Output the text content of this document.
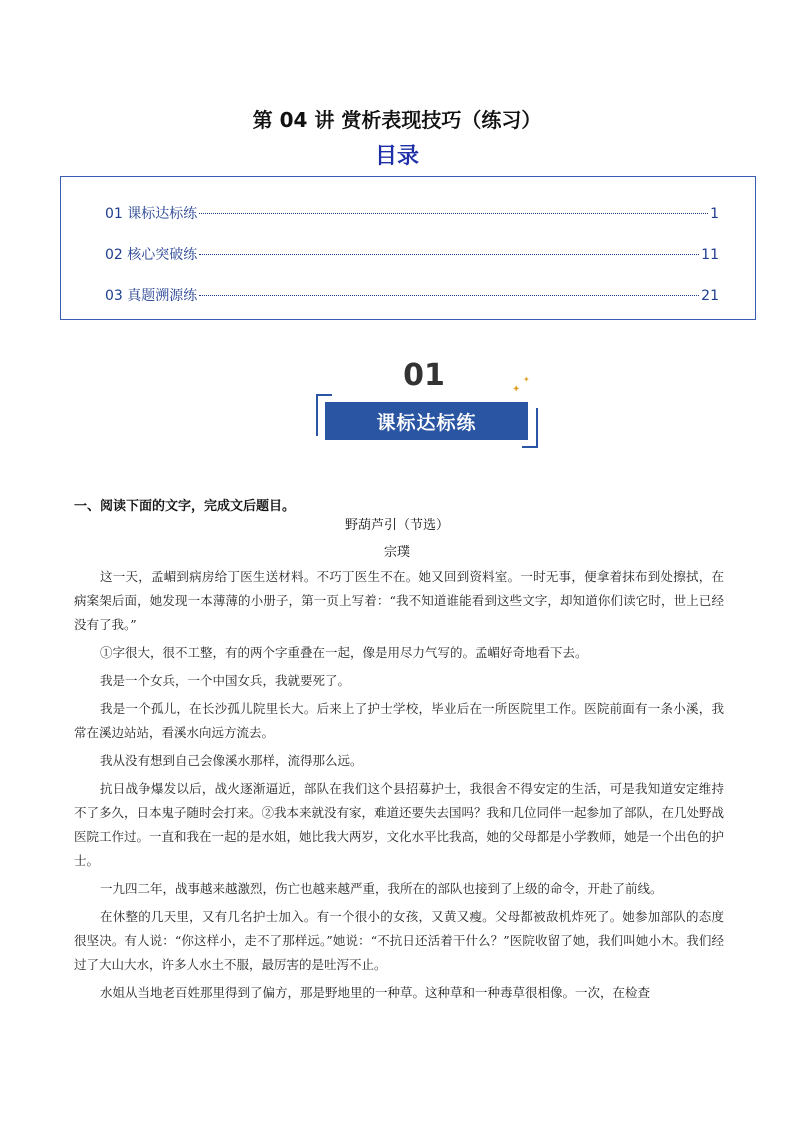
第 04 讲 赏析表现技巧（练习）
目录
01 课标达标练	1
02 核心突破练	11
03 真题溯源练	21
01	✦
✦
课标达标练
一、阅读下面的文字，完成文后题目。
野葫芦引（节选）
宗璞

这一天，孟嵋到病房给丁医生送材料。不巧丁医生不在。她又回到资料室。一时无事，便拿着抹布到处擦拭，在病案架后面，她发现一本薄薄的小册子，第一页上写着：“我不知道谁能看到这些文字，却知道你们读它时，世上已经没有了我。”

①字很大，很不工整，有的两个字重叠在一起，像是用尽力气写的。孟嵋好奇地看下去。

我是一个女兵，一个中国女兵，我就要死了。

我是一个孤儿，在长沙孤儿院里长大。后来上了护士学校，毕业后在一所医院里工作。医院前面有一条小溪，我常在溪边站站，看溪水向远方流去。

我从没有想到自己会像溪水那样，流得那么远。

抗日战争爆发以后，战火逐渐逼近，部队在我们这个县招募护士，我很舍不得安定的生活，可是我知道安定维持不了多久，日本鬼子随时会打来。②我本来就没有家，难道还要失去国吗？我和几位同伴一起参加了部队，在几处野战医院工作过。一直和我在一起的是水姐，她比我大两岁，文化水平比我高，她的父母都是小学教师，她是一个出色的护士。

一九四二年，战事越来越激烈，伤亡也越来越严重，我所在的部队也接到了上级的命令，开赴了前线。

在休整的几天里，又有几名护士加入。有一个很小的女孩，又黄又瘦。父母都被敌机炸死了。她参加部队的态度很坚决。有人说：“你这样小，走不了那样远。”她说：“不抗日还活着干什么？”医院收留了她，我们叫她小木。我们经过了大山大水，许多人水土不服，最厉害的是吐泻不止。

水姐从当地老百姓那里得到了偏方，那是野地里的一种草。这种草和一种毒草很相像。一次，在检查
